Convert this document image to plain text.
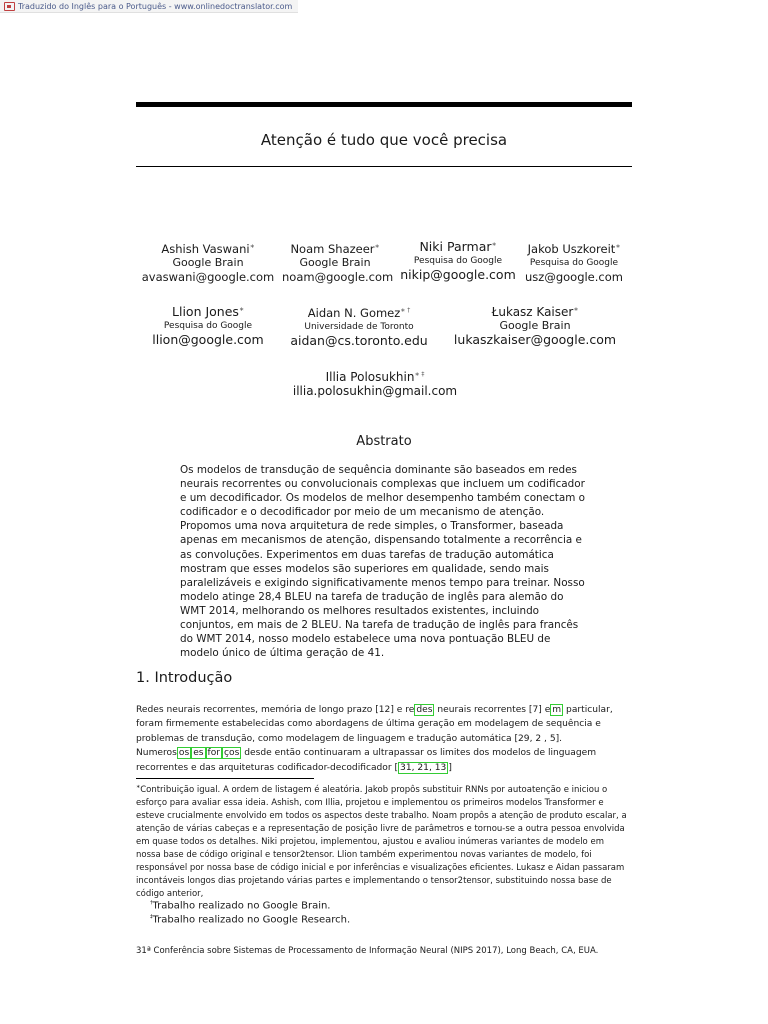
Traduzido do Inglês para o Português - www.onlinedoctranslator.com
Atenção é tudo que você precisa
Ashish Vaswani∗
Google Brain
avaswani@google.com
Noam Shazeer∗
Google Brain
noam@google.com
Niki Parmar∗
Pesquisa do Google
nikip@google.com
Jakob Uszkoreit∗
Pesquisa do Google
usz@google.com
Llion Jones∗
Pesquisa do Google
llion@google.com
Aidan N. Gomez∗ †
Universidade de Toronto
aidan@cs.toronto.edu
Łukasz Kaiser∗
Google Brain
lukaszkaiser@google.com
Illia Polosukhin∗ ‡
illia.polosukhin@gmail.com
Abstrato
Os modelos de transdução de sequência dominante são baseados em redes neurais recorrentes ou convolucionais complexas que incluem um codificador e um decodificador. Os modelos de melhor desempenho também conectam o codificador e o decodificador por meio de um mecanismo de atenção. Propomos uma nova arquitetura de rede simples, o Transformer, baseada apenas em mecanismos de atenção, dispensando totalmente a recorrência e as convoluções. Experimentos em duas tarefas de tradução automática mostram que esses modelos são superiores em qualidade, sendo mais paralelizáveis e exigindo significativamente menos tempo para treinar. Nosso modelo atinge 28,4 BLEU na tarefa de tradução de inglês para alemão do WMT 2014, melhorando os melhores resultados existentes, incluindo conjuntos, em mais de 2 BLEU. Na tarefa de tradução de inglês para francês do WMT 2014, nosso modelo estabelece uma nova pontuação BLEU de modelo único de última geração de 41.
1. Introdução
Redes neurais recorrentes, memória de longo prazo [12] e re des neurais recorrentes [7] e m particular, foram firmemente estabelecidas como abordagens de última geração em modelagem de sequência e problemas de transdução, como modelagem de linguagem e tradução automática [29, 2 , 5]. Numeros os es for ços desde então continuaram a ultrapassar os limites dos modelos de linguagem recorrentes e das arquiteturas codificador-decodificador [ 31, 21, 13 ]
∗Contribuição igual. A ordem de listagem é aleatória. Jakob propôs substituir RNNs por autoatenção e iniciou o esforço para avaliar essa ideia. Ashish, com Illia, projetou e implementou os primeiros modelos Transformer e esteve crucialmente envolvido em todos os aspectos deste trabalho. Noam propôs a atenção de produto escalar, a atenção de várias cabeças e a representação de posição livre de parâmetros e tornou-se a outra pessoa envolvida em quase todos os detalhes. Niki projetou, implementou, ajustou e avaliou inúmeras variantes de modelo em nossa base de código original e tensor2tensor. Llion também experimentou novas variantes de modelo, foi responsável por nossa base de código inicial e por inferências e visualizações eficientes. Lukasz e Aidan passaram incontáveis longos dias projetando várias partes e implementando o tensor2tensor, substituindo nossa base de código anterior,
†Trabalho realizado no Google Brain.
‡Trabalho realizado no Google Research.
31ª Conferência sobre Sistemas de Processamento de Informação Neural (NIPS 2017), Long Beach, CA, EUA.
